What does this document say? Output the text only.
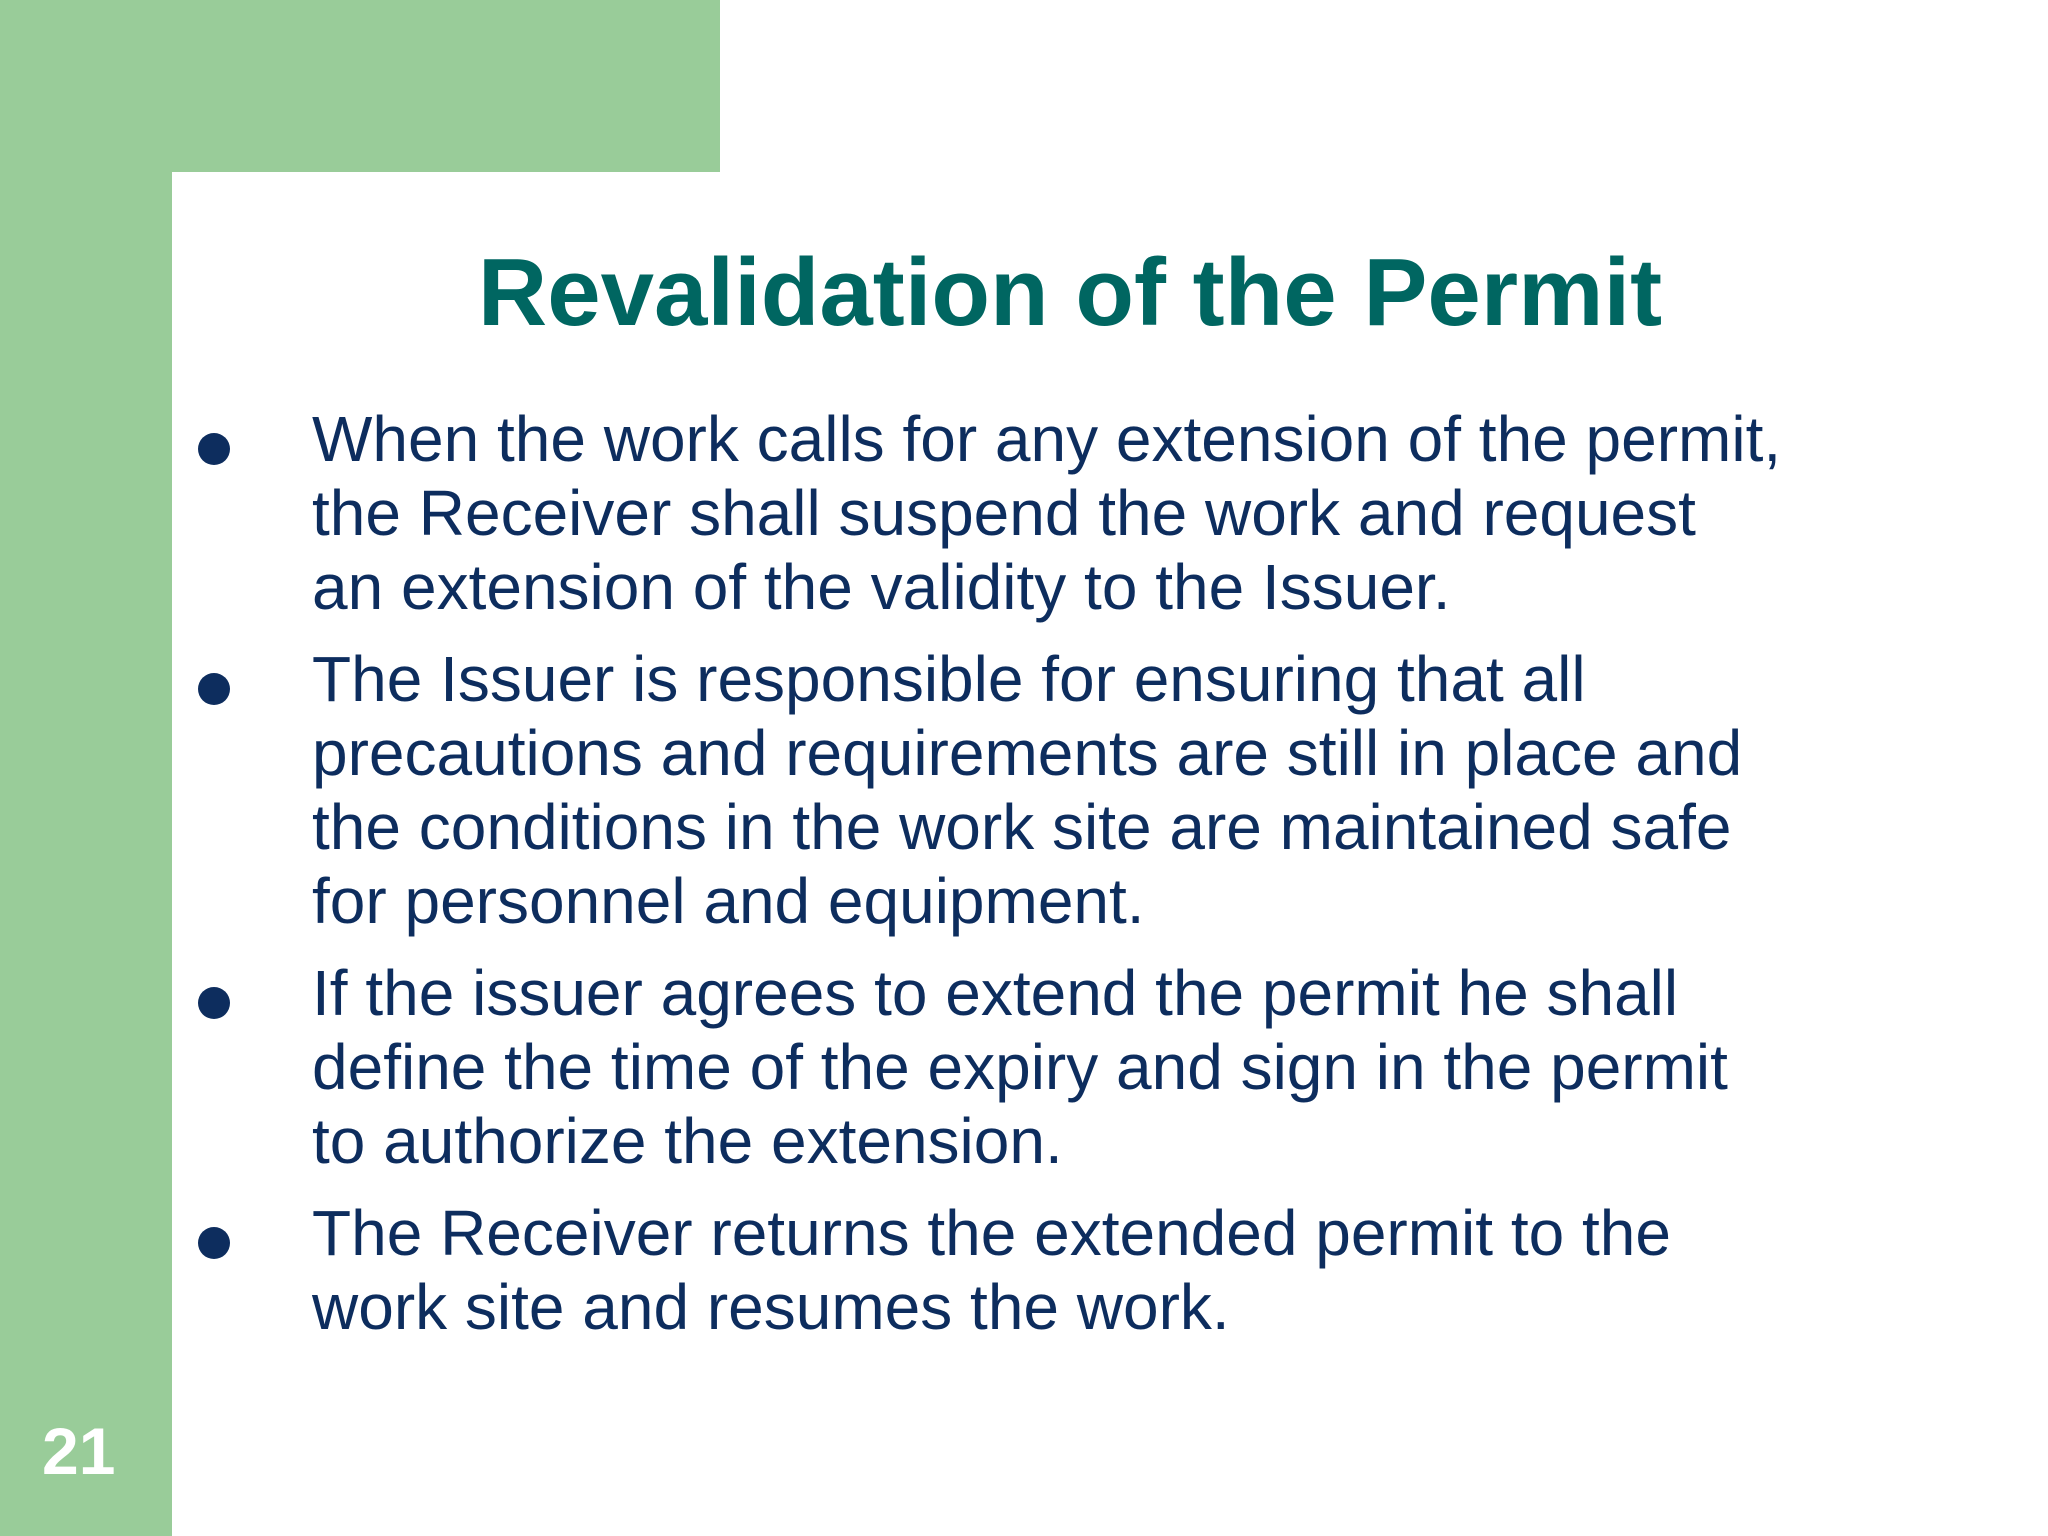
Revalidation of the Permit
When the work calls for any extension of the permit,
the Receiver shall suspend the work and request
an extension of the validity to the Issuer.
The Issuer is responsible for ensuring that all
precautions and requirements are still in place and
the conditions in the work site are maintained safe
for personnel and equipment.
If the issuer agrees to extend the permit he shall
define the time of the expiry and sign in the permit
to authorize the extension.
The Receiver returns the extended permit to the
work site and resumes the work.
21
